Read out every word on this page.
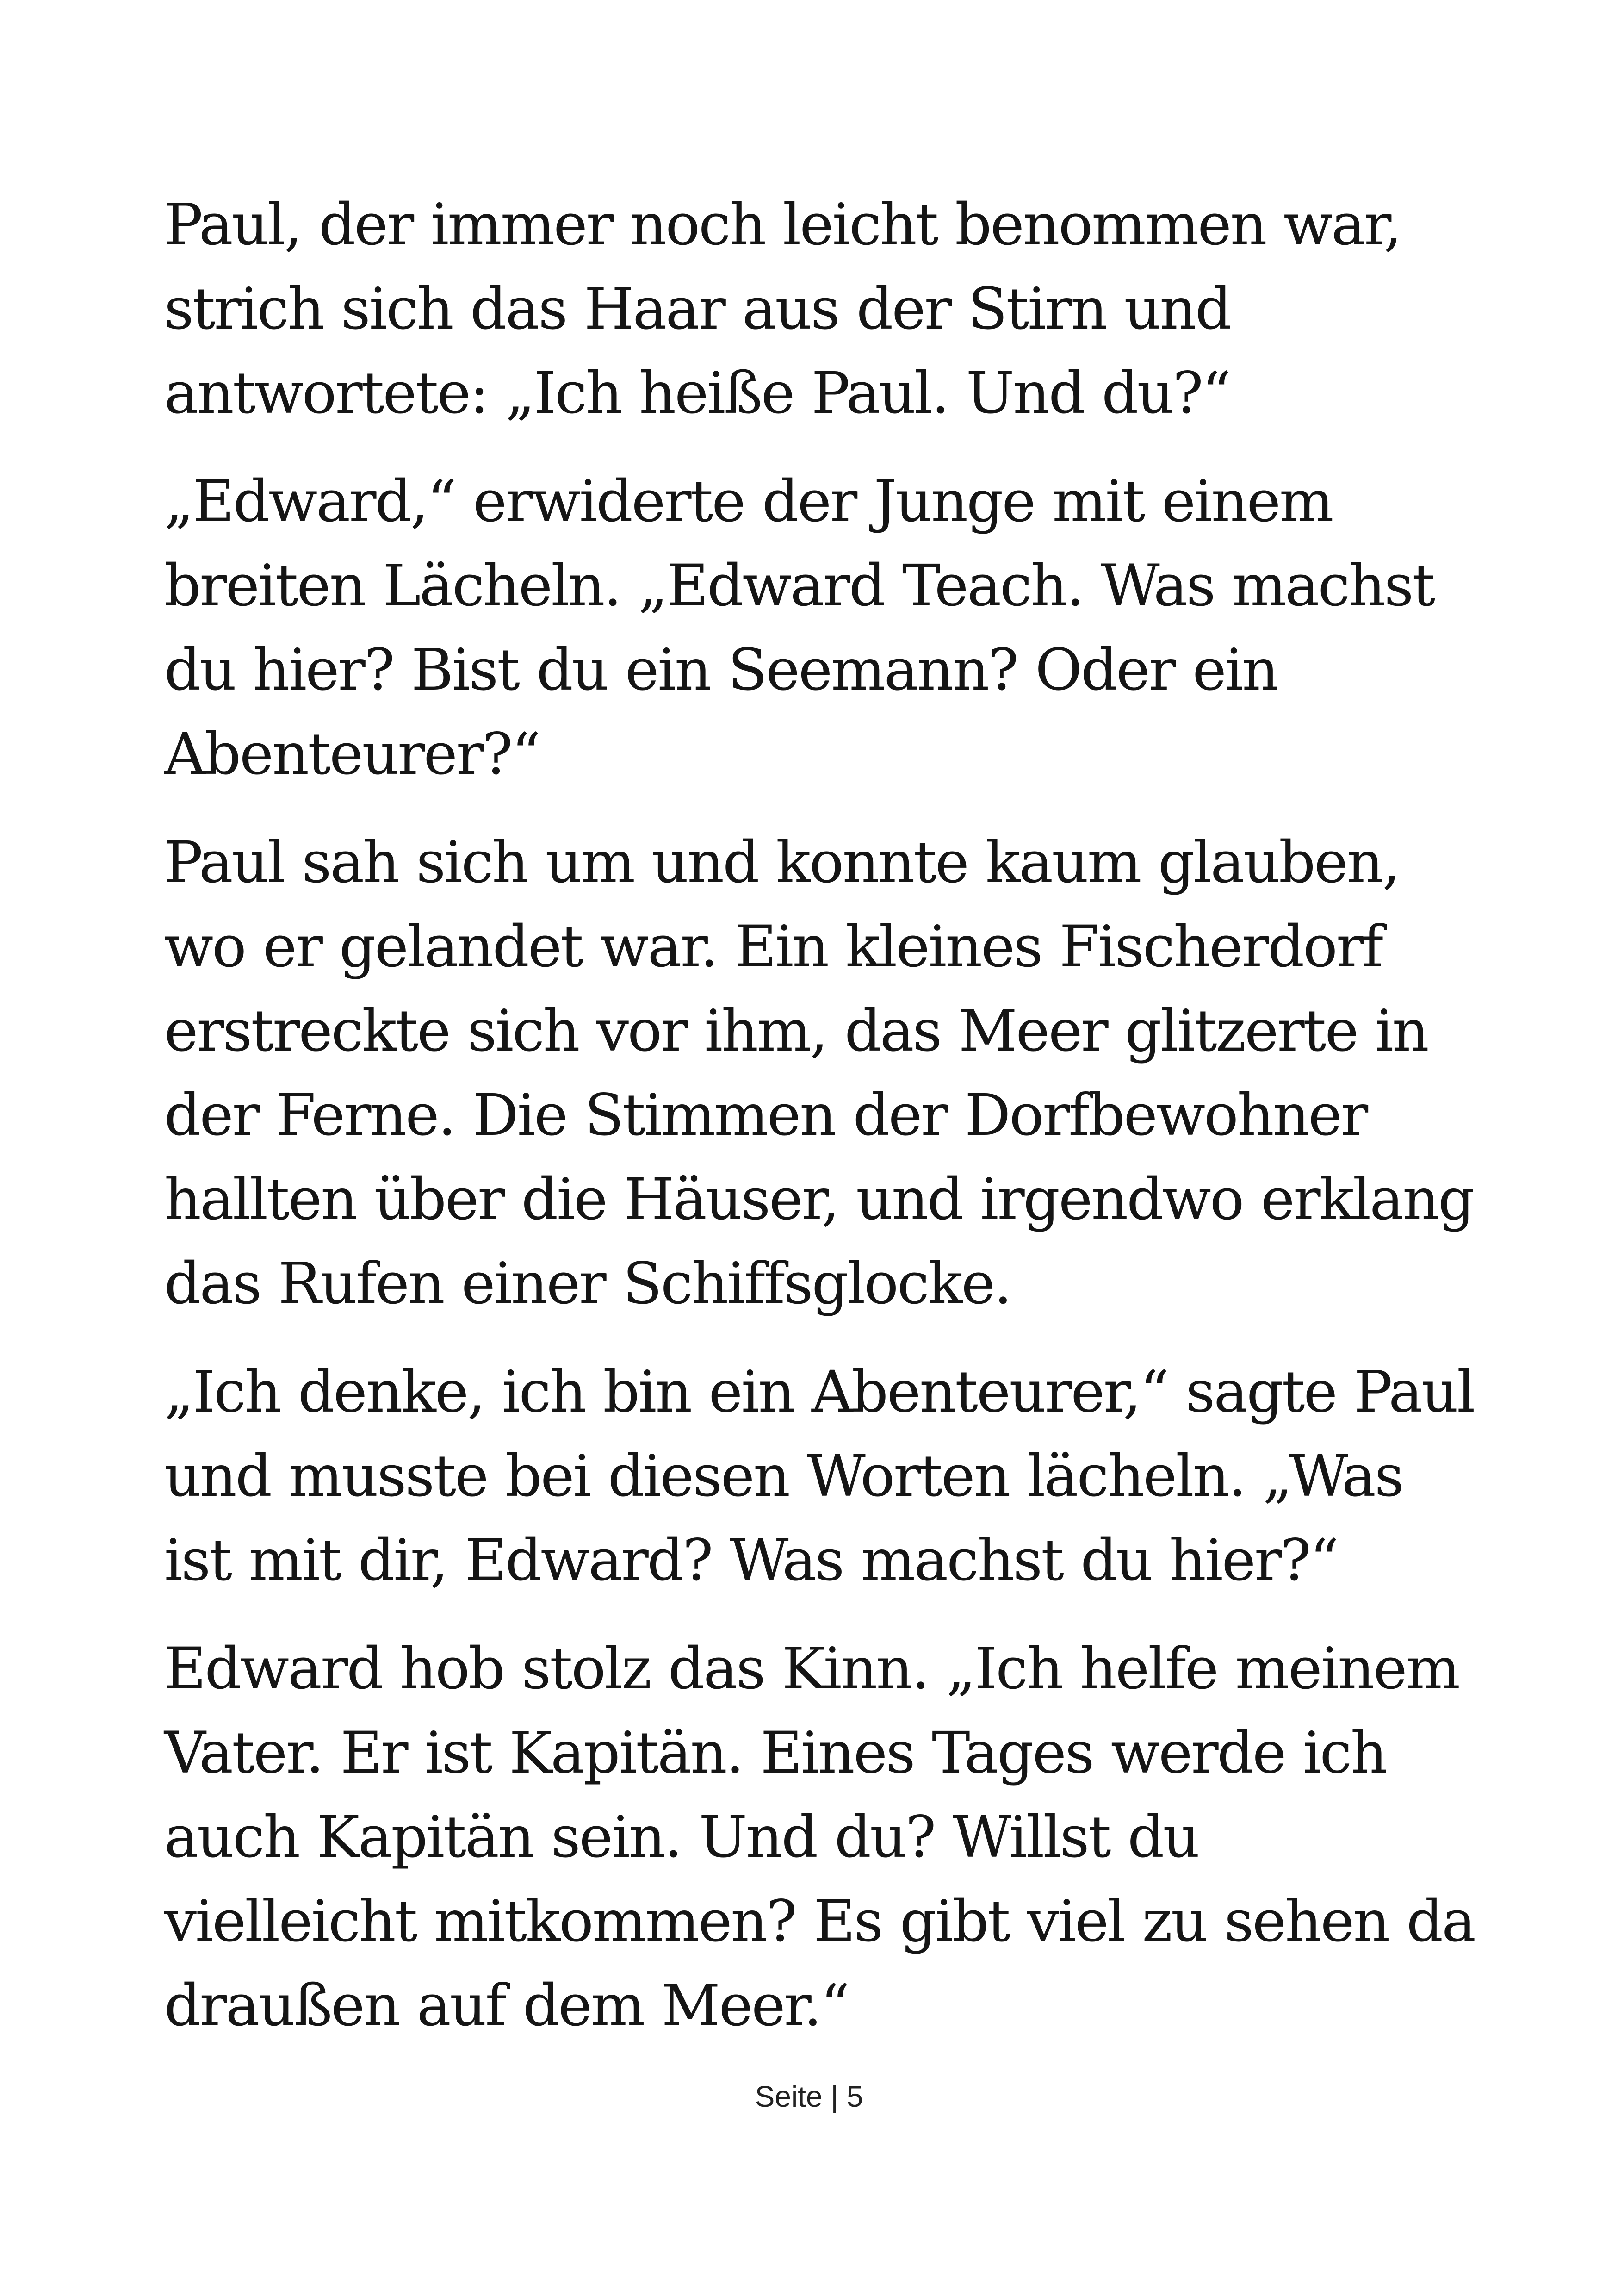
Paul, der immer noch leicht benommen war,
strich sich das Haar aus der Stirn und
antwortete: „Ich heiße Paul. Und du?“

„Edward,“ erwiderte der Junge mit einem
breiten Lächeln. „Edward Teach. Was machst
du hier? Bist du ein Seemann? Oder ein
Abenteurer?“

Paul sah sich um und konnte kaum glauben,
wo er gelandet war. Ein kleines Fischerdorf
erstreckte sich vor ihm, das Meer glitzerte in
der Ferne. Die Stimmen der Dorfbewohner
hallten über die Häuser, und irgendwo erklang
das Rufen einer Schiffsglocke.

„Ich denke, ich bin ein Abenteurer,“ sagte Paul
und musste bei diesen Worten lächeln. „Was
ist mit dir, Edward? Was machst du hier?“

Edward hob stolz das Kinn. „Ich helfe meinem
Vater. Er ist Kapitän. Eines Tages werde ich
auch Kapitän sein. Und du? Willst du
vielleicht mitkommen? Es gibt viel zu sehen da
draußen auf dem Meer.“

Seite | 5
